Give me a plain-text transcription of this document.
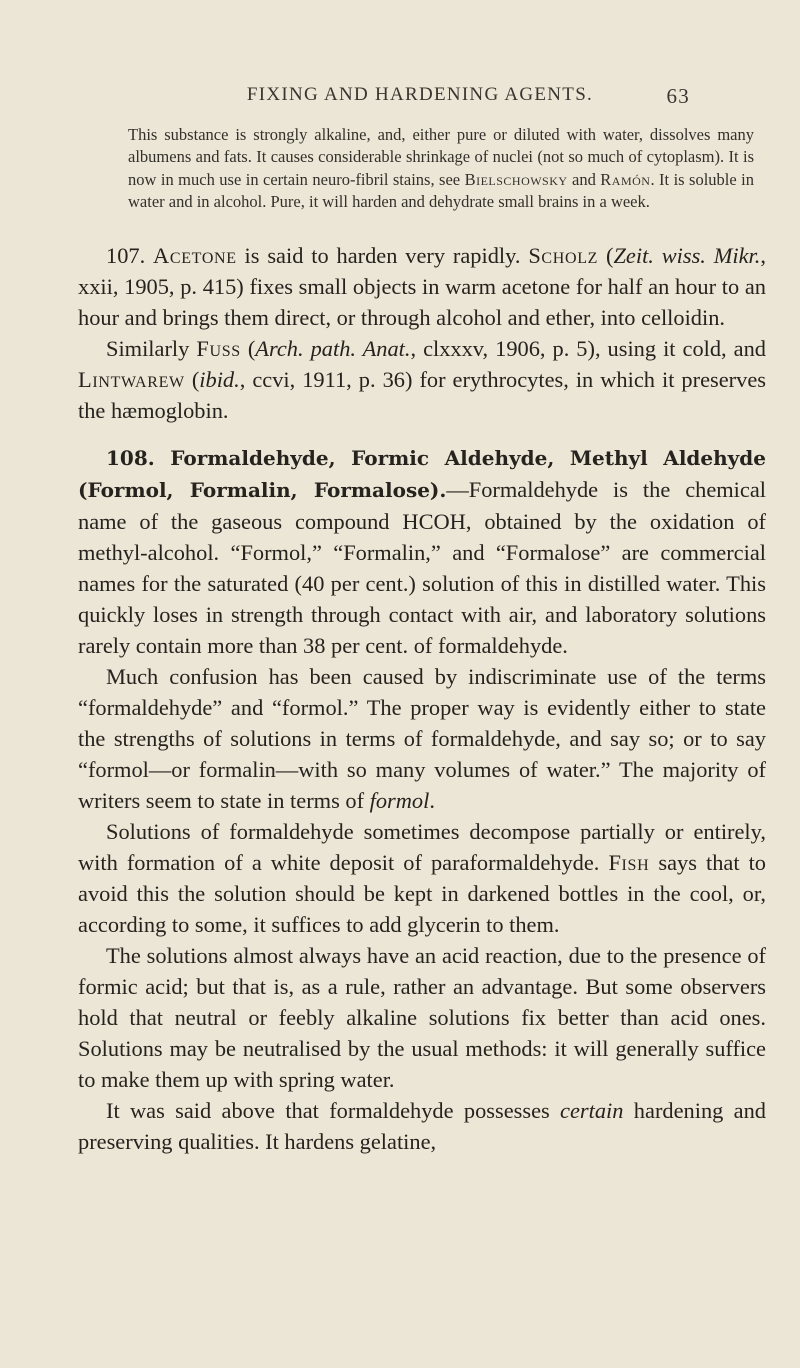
FIXING AND HARDENING AGENTS.	63

This substance is strongly alkaline, and, either pure or diluted with water, dissolves many albumens and fats. It causes considerable shrinkage of nuclei (not so much of cytoplasm). It is now in much use in certain neuro-fibril stains, see Bielschowsky and Ramón. It is soluble in water and in alcohol. Pure, it will harden and dehydrate small brains in a week.

107. Acetone is said to harden very rapidly. Scholz (Zeit. wiss. Mikr., xxii, 1905, p. 415) fixes small objects in warm acetone for half an hour to an hour and brings them direct, or through alcohol and ether, into celloidin.

Similarly Fuss (Arch. path. Anat., clxxxv, 1906, p. 5), using it cold, and Lintwarew (ibid., ccvi, 1911, p. 36) for erythrocytes, in which it preserves the hæmoglobin.

108. Formaldehyde, Formic Aldehyde, Methyl Aldehyde (Formol, Formalin, Formalose).—Formaldehyde is the chemical name of the gaseous compound HCOH, obtained by the oxidation of methyl-alcohol. “Formol,” “Formalin,” and “Formalose” are commercial names for the saturated (40 per cent.) solution of this in distilled water. This quickly loses in strength through contact with air, and laboratory solutions rarely contain more than 38 per cent. of formaldehyde.

Much confusion has been caused by indiscriminate use of the terms “formaldehyde” and “formol.” The proper way is evidently either to state the strengths of solutions in terms of formaldehyde, and say so; or to say “formol—or formalin—with so many volumes of water.” The majority of writers seem to state in terms of formol.

Solutions of formaldehyde sometimes decompose partially or entirely, with formation of a white deposit of paraformaldehyde. Fish says that to avoid this the solution should be kept in darkened bottles in the cool, or, according to some, it suffices to add glycerin to them.

The solutions almost always have an acid reaction, due to the presence of formic acid; but that is, as a rule, rather an advantage. But some observers hold that neutral or feebly alkaline solutions fix better than acid ones. Solutions may be neutralised by the usual methods: it will generally suffice to make them up with spring water.

It was said above that formaldehyde possesses certain hardening and preserving qualities. It hardens gelatine,
